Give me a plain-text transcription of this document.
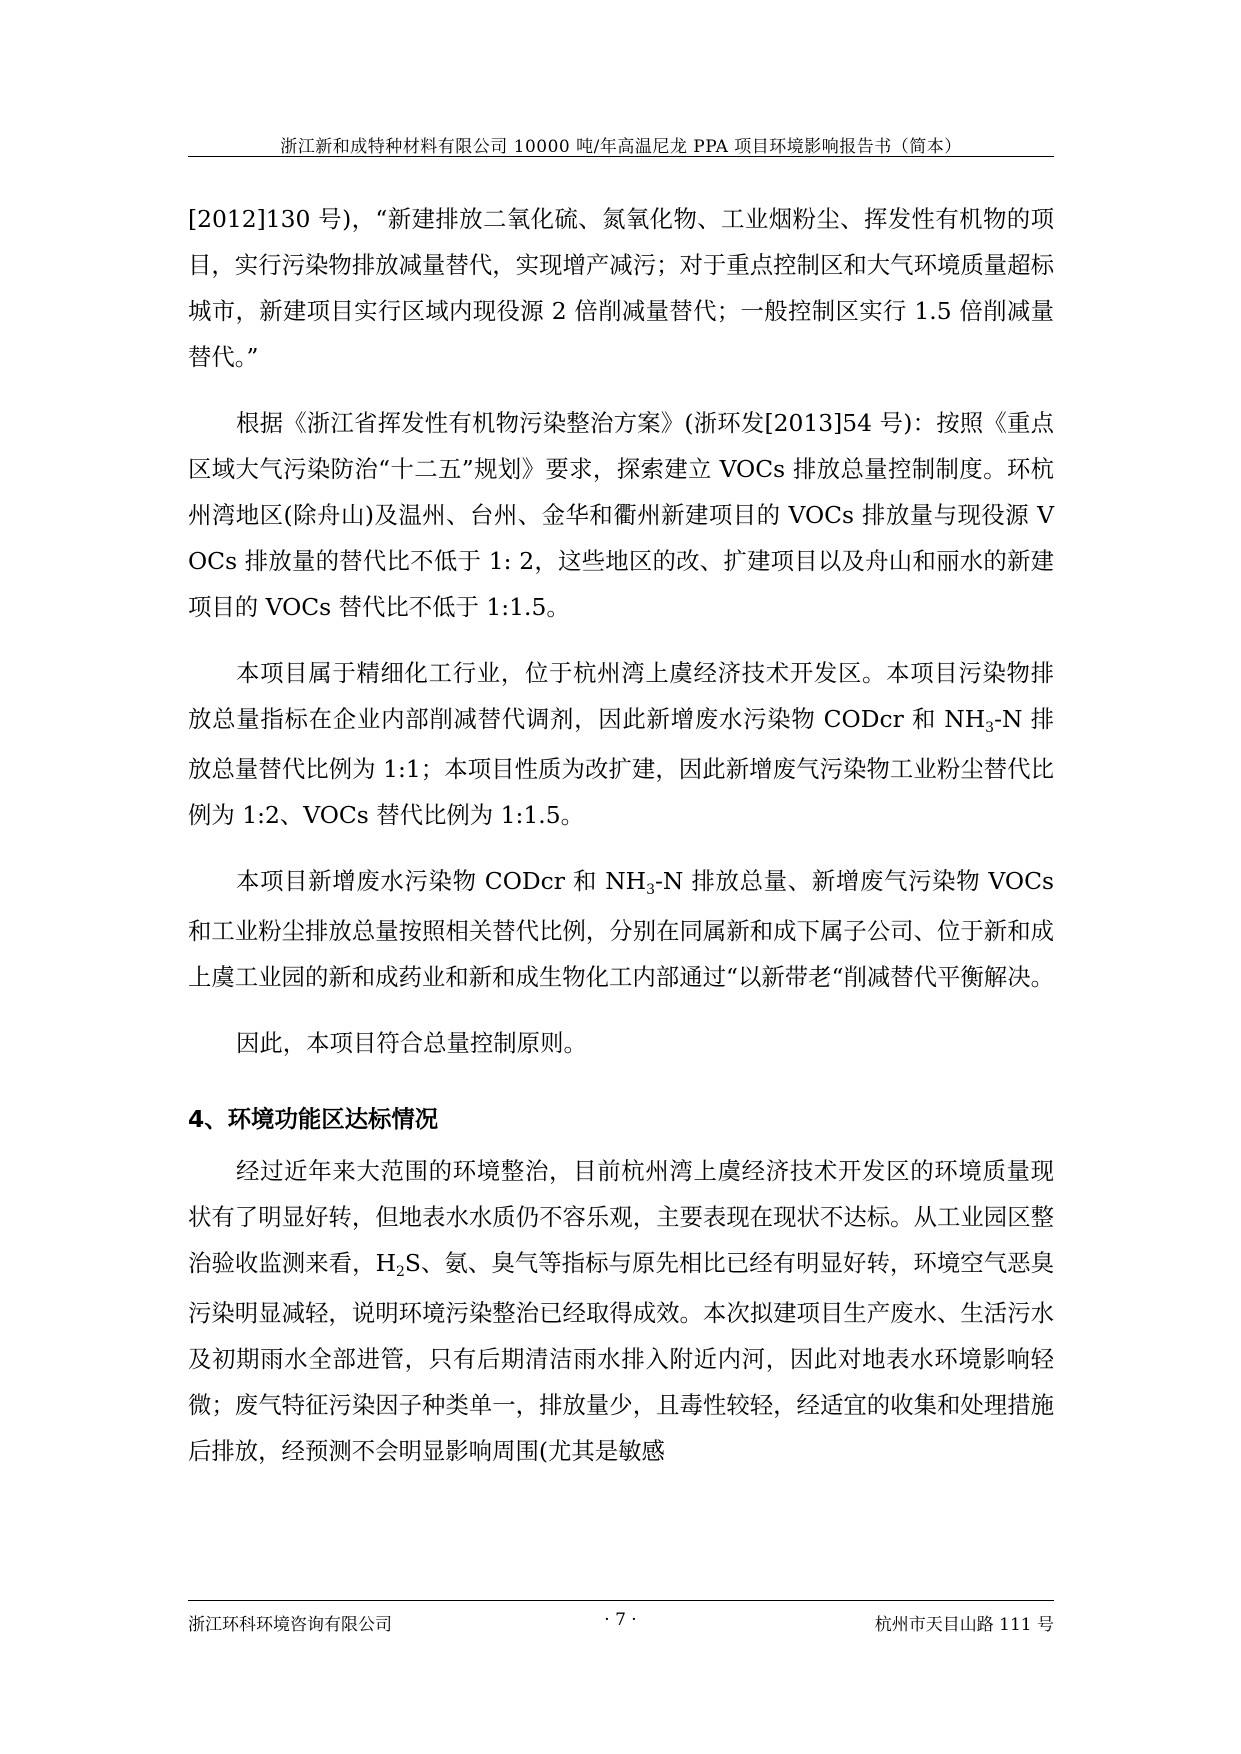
浙江新和成特种材料有限公司 10000 吨/年高温尼龙 PPA 项目环境影响报告书（简本）

[2012]130 号)，“新建排放二氧化硫、氮氧化物、工业烟粉尘、挥发性有机物的项目，实行污染物排放减量替代，实现增产减污；对于重点控制区和大气环境质量超标城市，新建项目实行区域内现役源 2 倍削减量替代；一般控制区实行 1.5 倍削减量替代。”

根据《浙江省挥发性有机物污染整治方案》(浙环发[2013]54 号)：按照《重点区域大气污染防治“十二五”规划》要求，探索建立 VOCs 排放总量控制制度。环杭州湾地区(除舟山)及温州、台州、金华和衢州新建项目的 VOCs 排放量与现役源 VOCs 排放量的替代比不低于 1: 2，这些地区的改、扩建项目以及舟山和丽水的新建项目的 VOCs 替代比不低于 1:1.5。

本项目属于精细化工行业，位于杭州湾上虞经济技术开发区。本项目污染物排放总量指标在企业内部削减替代调剂，因此新增废水污染物 CODcr 和 $NH_3-N$ 排放总量替代比例为 1:1；本项目性质为改扩建，因此新增废气污染物工业粉尘替代比例为 1:2、VOCs 替代比例为 1:1.5。

本项目新增废水污染物 CODcr 和 $NH_3-N$ 排放总量、新增废气污染物 VOCs 和工业粉尘排放总量按照相关替代比例，分别在同属新和成下属子公司、位于新和成上虞工业园的新和成药业和新和成生物化工内部通过“以新带老“削减替代平衡解决。

因此，本项目符合总量控制原则。

4、环境功能区达标情况

经过近年来大范围的环境整治，目前杭州湾上虞经济技术开发区的环境质量现状有了明显好转，但地表水水质仍不容乐观，主要表现在现状不达标。从工业园区整治验收监测来看，$H_2S$、氨、臭气等指标与原先相比已经有明显好转，环境空气恶臭污染明显减轻，说明环境污染整治已经取得成效。本次拟建项目生产废水、生活污水及初期雨水全部进管，只有后期清洁雨水排入附近内河，因此对地表水环境影响轻微；废气特征污染因子种类单一，排放量少，且毒性较轻，经适宜的收集和处理措施后排放，经预测不会明显影响周围(尤其是敏感

浙江环科环境咨询有限公司	· 7 ·	杭州市天目山路 111 号
